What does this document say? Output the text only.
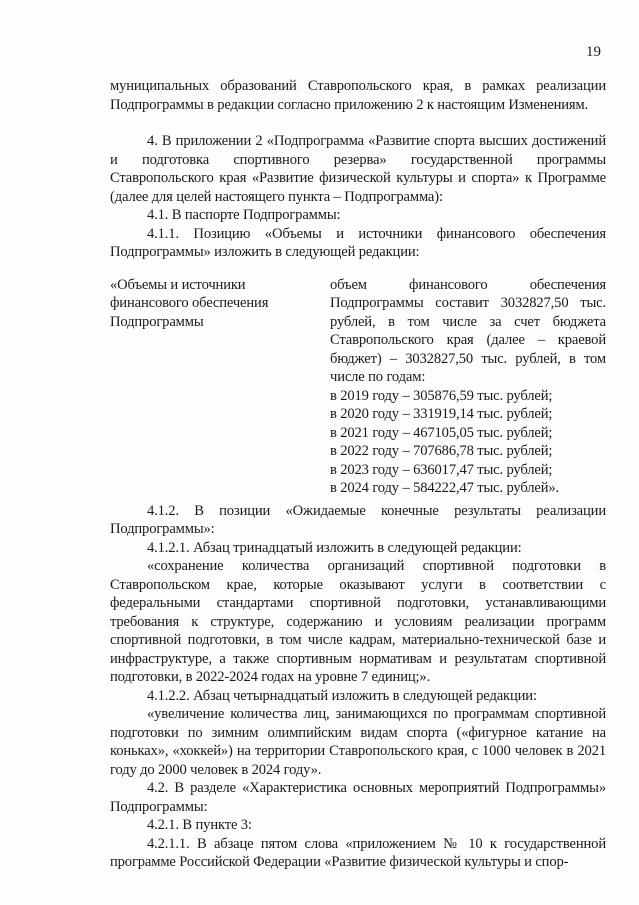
19

муниципальных образований Ставропольского края, в рамках реализации Подпрограммы в редакции согласно приложению 2 к настоящим Изменениям.

4. В приложении 2 «Подпрограмма «Развитие спорта высших достижений и подготовка спортивного резерва» государственной программы Ставропольского края «Развитие физической культуры и спорта» к Программе (далее для целей настоящего пункта – Подпрограмма):

4.1. В паспорте Подпрограммы:

4.1.1. Позицию «Объемы и источники финансового обеспечения Подпрограммы» изложить в следующей редакции:

«Объемы и источники
финансового обеспечения
Подпрограммы

объем финансового обеспечения Подпрограммы составит 3032827,50 тыс. рублей, в том числе за счет бюджета Ставропольского края (далее – краевой бюджет) – 3032827,50 тыс. рублей, в том числе по годам:

в 2019 году – 305876,59 тыс. рублей;
в 2020 году – 331919,14 тыс. рублей;
в 2021 году – 467105,05 тыс. рублей;
в 2022 году – 707686,78 тыс. рублей;
в 2023 году – 636017,47 тыс. рублей;
в 2024 году – 584222,47 тыс. рублей».

4.1.2. В позиции «Ожидаемые конечные результаты реализации Подпрограммы»:

4.1.2.1. Абзац тринадцатый изложить в следующей редакции:

«сохранение количества организаций спортивной подготовки в Ставропольском крае, которые оказывают услуги в соответствии с федеральными стандартами спортивной подготовки, устанавливающими требования к структуре, содержанию и условиям реализации программ спортивной подготовки, в том числе кадрам, материально-технической базе и инфраструктуре, а также спортивным нормативам и результатам спортивной подготовки, в 2022-2024 годах на уровне 7 единиц;».

4.1.2.2. Абзац четырнадцатый изложить в следующей редакции:

«увеличение количества лиц, занимающихся по программам спортивной подготовки по зимним олимпийским видам спорта («фигурное катание на коньках», «хоккей») на территории Ставропольского края, с 1000 человек в 2021 году до 2000 человек в 2024 году».

4.2. В разделе «Характеристика основных мероприятий Подпрограммы» Подпрограммы:

4.2.1. В пункте 3:

4.2.1.1. В абзаце пятом слова «приложением № 10 к государственной программе Российской Федерации «Развитие физической культуры и спор-
